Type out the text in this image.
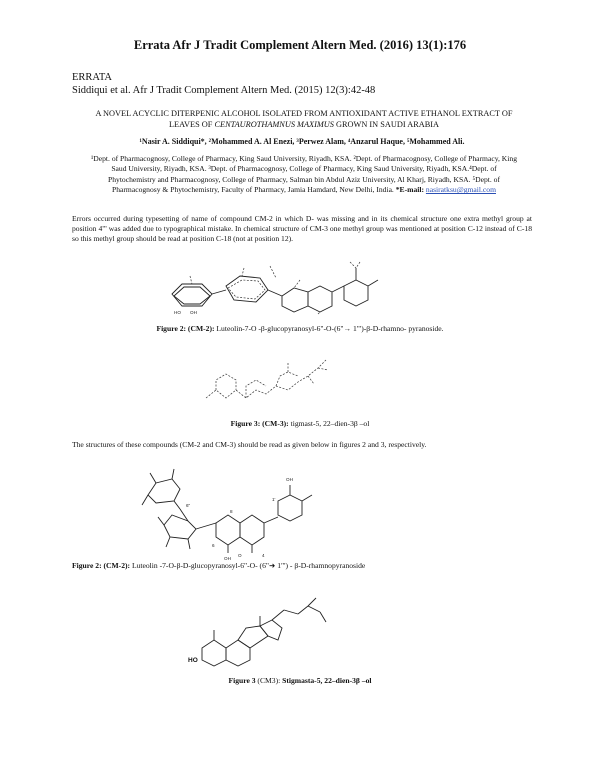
Errata Afr J Tradit Complement Altern Med. (2016) 13(1):176
ERRATA
Siddiqui et al. Afr J Tradit Complement Altern Med. (2015) 12(3):42-48
A NOVEL ACYCLIC DITERPENIC ALCOHOL ISOLATED FROM ANTIOXIDANT ACTIVE ETHANOL EXTRACT OF
LEAVES OF CENTAUROTHAMNUS MAXIMUS GROWN IN SAUDI ARABIA
¹Nasir A. Siddiqui*, ²Mohammed A. Al Enezi, ³Perwez Alam, ⁴Anzarul Haque, ⁵Mohammed Ali.
¹Dept. of Pharmacognosy, College of Pharmacy, King Saud University, Riyadh, KSA. ²Dept. of Pharmacognosy, College of Pharmacy, King Saud University, Riyadh, KSA. ³Dept. of Pharmacognosy, College of Pharmacy, King Saud University, Riyadh, KSA.⁴Dept. of Phytochemistry and Pharmacognosy, College of Pharmacy, Salman bin Abdul Aziz University, Al Kharj, Riyadh, KSA. ⁵Dept. of Pharmacognosy & Phytochemistry, Faculty of Pharmacy, Jamia Hamdard, New Delhi, India. *E-mail: nasiratksu@gmail.com
Errors occurred during typesetting of name of compound CM-2 in which D- was missing and in its chemical structure one extra methyl group at position 4"' was added due to typographical mistake. In chemical structure of CM-3 one methyl group was mentioned at position C-12 instead of C-18 so this methyl group should be read at position C-18 (not at position 12).
HO OH
Figure 2: (CM-2): Luteolin-7-O -β-glucopyranosyl-6"-O-(6"→ 1"')-β-D-rhamno- pyranoside.
Figure 3: (CM-3): tigmast-5, 22–dien-3β –ol
The structures of these compounds (CM-2 and CM-3) should be read as given below in figures 2 and 3, respectively.
O
OH
4
6
8
1'
6"
OH
Figure 2: (CM-2): Luteolin -7-O-β-D-glucopyranosyl-6"-O- (6"➜ 1"') - β-D-rhamnopyranoside
HO
Figure 3 (CM3): Stigmasta-5, 22–dien-3β –ol
